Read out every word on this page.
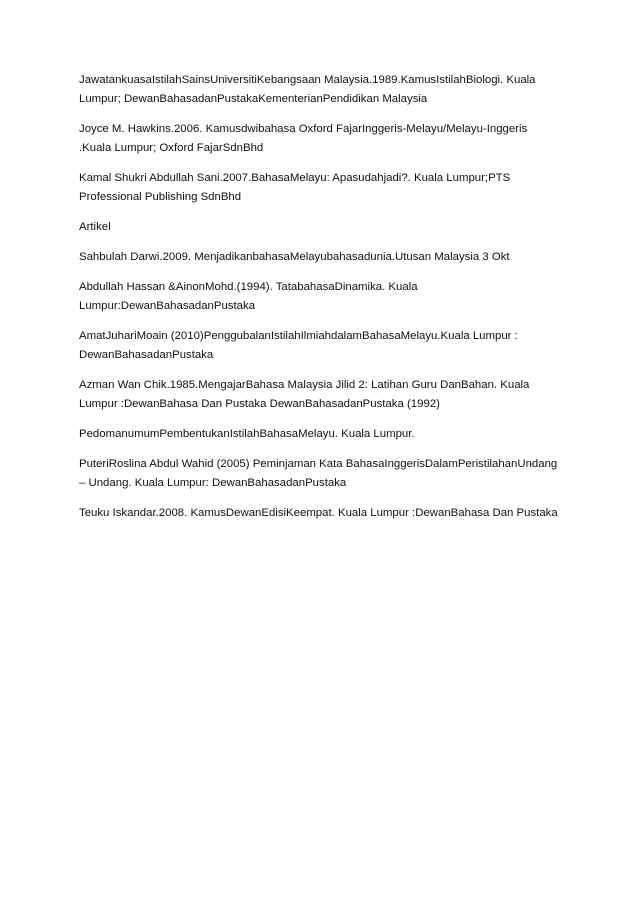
JawatankuasaIstilahSainsUniversitiKebangsaan Malaysia.1989.KamusIstilahBiologi. Kuala Lumpur; DewanBahasadanPustakaKementerianPendidikan Malaysia

Joyce M. Hawkins.2006. Kamusdwibahasa Oxford FajarInggeris-Melayu/Melayu-Inggeris .Kuala Lumpur; Oxford FajarSdnBhd

Kamal Shukri Abdullah Sani.2007.BahasaMelayu: Apasudahjadi?. Kuala Lumpur;PTS Professional Publishing SdnBhd

Artikel

Sahbulah Darwi.2009. MenjadikanbahasaMelayubahasadunia.Utusan Malaysia 3 Okt

Abdullah Hassan &AinonMohd.(1994). TatabahasaDinamika. Kuala Lumpur:DewanBahasadanPustaka

AmatJuhariMoain (2010)PenggubalanIstilahIlmiahdalamBahasaMelayu.Kuala Lumpur : DewanBahasadanPustaka

Azman Wan Chik.1985.MengajarBahasa Malaysia Jilid 2: Latihan Guru DanBahan. Kuala Lumpur :DewanBahasa Dan Pustaka DewanBahasadanPustaka (1992)

PedomanumumPembentukanIstilahBahasaMelayu. Kuala Lumpur.

PuteriRoslina Abdul Wahid (2005) Peminjaman Kata BahasaInggerisDalamPeristilahanUndang – Undang. Kuala Lumpur: DewanBahasadanPustaka

Teuku Iskandar.2008. KamusDewanEdisiKeempat. Kuala Lumpur :DewanBahasa Dan Pustaka
